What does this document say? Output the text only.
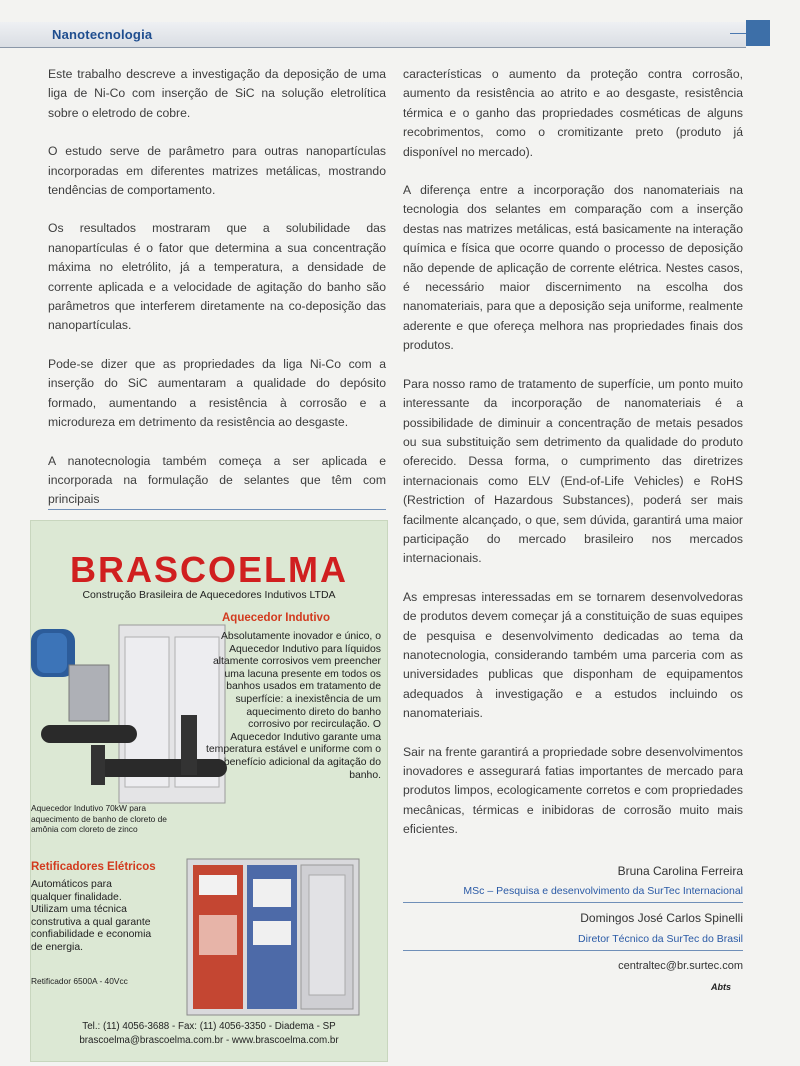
Nanotecnologia

Este trabalho descreve a investigação da deposição de uma liga de Ni-Co com inserção de SiC na solução eletrolítica sobre o eletrodo de cobre.

O estudo serve de parâmetro para outras nanopartículas incorporadas em diferentes matrizes metálicas, mostrando tendências de comportamento.

Os resultados mostraram que a solubilidade das nanopartículas é o fator que determina a sua concentração máxima no eletrólito, já a temperatura, a densidade de corrente aplicada e a velocidade de agitação do banho são parâmetros que interferem diretamente na co-deposição das nanopartículas.

Pode-se dizer que as propriedades da liga Ni-Co com a inserção do SiC aumentaram a qualidade do depósito formado, aumentando a resistência à corrosão e a microdureza em detrimento da resistência ao desgaste.

A nanotecnologia também começa a ser aplicada e incorporada na formulação de selantes que têm com principais

características o aumento da proteção contra corrosão, aumento da resistência ao atrito e ao desgaste, resistência térmica e o ganho das propriedades cosméticas de alguns recobrimentos, como o cromitizante preto (produto já disponível no mercado).

A diferença entre a incorporação dos nanomateriais na tecnologia dos selantes em comparação com a inserção destas nas matrizes metálicas, está basicamente na interação química e física que ocorre quando o processo de deposição não depende de aplicação de corrente elétrica. Nestes casos, é necessário maior discernimento na escolha dos nanomateriais, para que a deposição seja uniforme, realmente aderente e que ofereça melhora nas propriedades finais dos produtos.

Para nosso ramo de tratamento de superfície, um ponto muito interessante da incorporação de nanomateriais é a possibilidade de diminuir a concentração de metais pesados ou sua substituição sem detrimento da qualidade do produto oferecido. Dessa forma, o cumprimento das diretrizes internacionais como ELV (End-of-Life Vehicles) e RoHS (Restriction of Hazardous Substances), poderá ser mais facilmente alcançado, o que, sem dúvida, garantirá uma maior participação do mercado brasileiro nos mercados internacionais.

As empresas interessadas em se tornarem desenvolvedoras de produtos devem começar já a constituição de suas equipes de pesquisa e desenvolvimento dedicadas ao tema da nanotecnologia, considerando também uma parceria com as universidades publicas que disponham de equipamentos adequados à investigação e a estudos incluindo os nanomateriais.

Sair na frente garantirá a propriedade sobre desenvolvimentos inovadores e assegurará fatias importantes de mercado para produtos limpos, ecologicamente corretos e com propriedades mecânicas, térmicas e inibidoras de corrosão muito mais eficientes.

Bruna Carolina Ferreira
MSc – Pesquisa e desenvolvimento da SurTec Internacional
Domingos José Carlos Spinelli
Diretor Técnico da SurTec do Brasil
centraltec@br.surtec.com
Abts
BRASCOELMA
Construção Brasileira de Aquecedores Indutivos LTDA
Aquecedor Indutivo
Absolutamente inovador e único, o Aquecedor Indutivo para líquidos altamente corrosivos vem preencher uma lacuna presente em todos os banhos usados em tratamento de superfície: a inexistência de um aquecimento direto do banho corrosivo por recirculação. O Aquecedor Indutivo garante uma temperatura estável e uniforme com o benefício adicional da agitação do banho.
Aquecedor Indutivo 70kW para aquecimento de banho de cloreto de amônia com cloreto de zinco
Retificadores Elétricos
Automáticos para qualquer finalidade. Utilizam uma técnica construtiva a qual garante confiabilidade e economia de energia.
Retificador 6500A - 40Vcc
Tel.: (11) 4056-3688 - Fax: (11) 4056-3350 - Diadema - SP
brascoelma@brascoelma.com.br - www.brascoelma.com.br
